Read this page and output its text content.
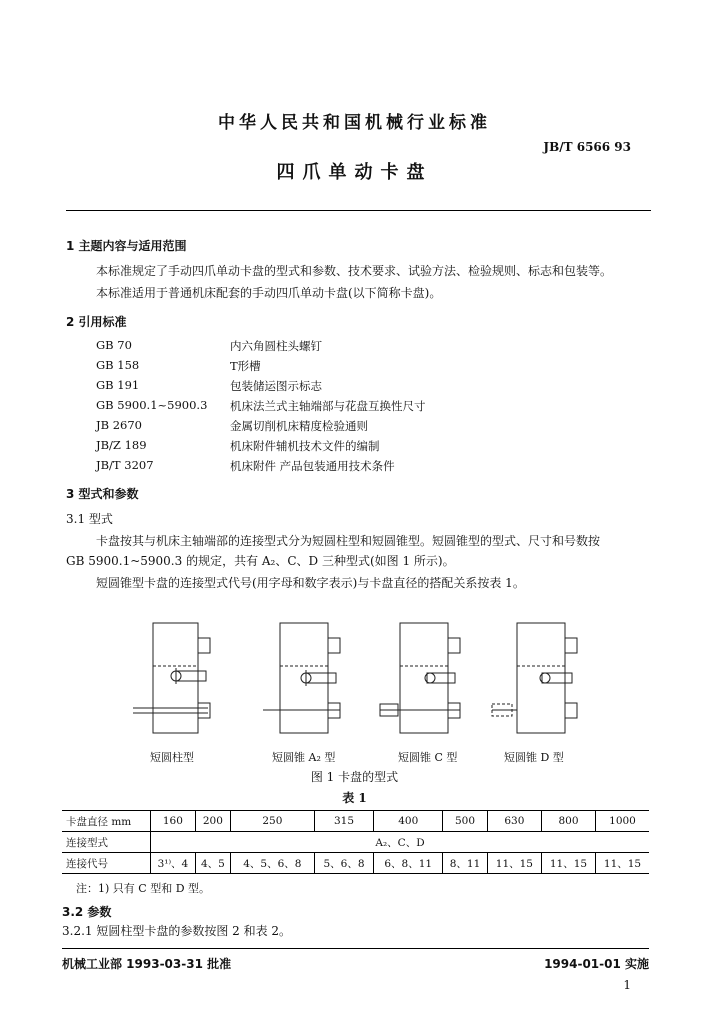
中华人民共和国机械行业标准
JB/T 6566 93
四爪单动卡盘
1 主题内容与适用范围
本标准规定了手动四爪单动卡盘的型式和参数、技术要求、试验方法、检验规则、标志和包装等。
本标准适用于普通机床配套的手动四爪单动卡盘(以下简称卡盘)。
2 引用标准
GB 70	内六角圆柱头螺钉
GB 158	T形槽
GB 191	包装储运图示标志
GB 5900.1~5900.3 机床法兰式主轴端部与花盘互换性尺寸
JB 2670	金属切削机床精度检验通则
JB/Z 189	机床附件辅机技术文件的编制
JB/T 3207	机床附件 产品包装通用技术条件
3 型式和参数
3.1 型式
卡盘按其与机床主轴端部的连接型式分为短圆柱型和短圆锥型。短圆锥型的型式、尺寸和号数按
GB 5900.1~5900.3 的规定，共有 A₂、C、D 三种型式(如图 1 所示)。
短圆锥型卡盘的连接型式代号(用字母和数字表示)与卡盘直径的搭配关系按表 1。
短圆柱型	短圆锥 A₂ 型	短圆锥 C 型	短圆锥 D 型
图 1 卡盘的型式
表 1
卡盘直径 mm	160	200	250	315	400	500	630	800	1000
连接型式	A₂、C、D								
连接代号	3¹⁾、4	4、5	4、5、6、8	5、6、8	6、8、11	8、11	11、15	11、15	11、15
注：1) 只有 C 型和 D 型。
3.2 参数
3.2.1 短圆柱型卡盘的参数按图 2 和表 2。
机械工业部 1993-03-31 批准	1994-01-01 实施
1
